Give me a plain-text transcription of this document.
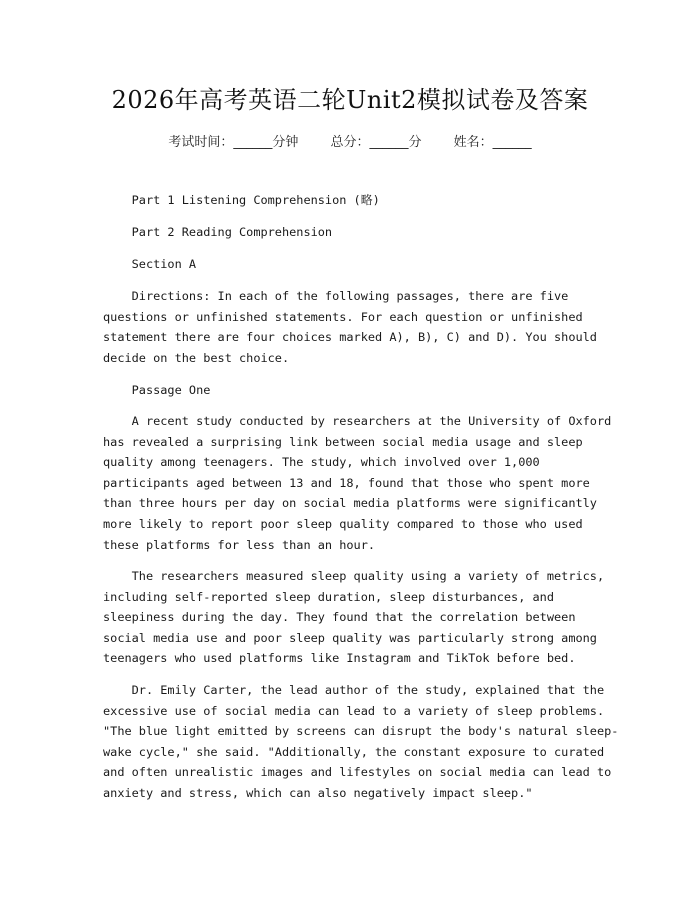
2026年高考英语二轮Unit2模拟试卷及答案
考试时间：______分钟 总分：______分 姓名：______
Part 1 Listening Comprehension (略)
Part 2 Reading Comprehension
Section A
Directions: In each of the following passages, there are five
questions or unfinished statements. For each question or unfinished
statement there are four choices marked A), B), C) and D). You should
decide on the best choice.
Passage One
A recent study conducted by researchers at the University of Oxford
has revealed a surprising link between social media usage and sleep
quality among teenagers. The study, which involved over 1,000
participants aged between 13 and 18, found that those who spent more
than three hours per day on social media platforms were significantly
more likely to report poor sleep quality compared to those who used
these platforms for less than an hour.
The researchers measured sleep quality using a variety of metrics,
including self-reported sleep duration, sleep disturbances, and
sleepiness during the day. They found that the correlation between
social media use and poor sleep quality was particularly strong among
teenagers who used platforms like Instagram and TikTok before bed.
Dr. Emily Carter, the lead author of the study, explained that the
excessive use of social media can lead to a variety of sleep problems.
"The blue light emitted by screens can disrupt the body's natural sleep-
wake cycle," she said. "Additionally, the constant exposure to curated
and often unrealistic images and lifestyles on social media can lead to
anxiety and stress, which can also negatively impact sleep."
